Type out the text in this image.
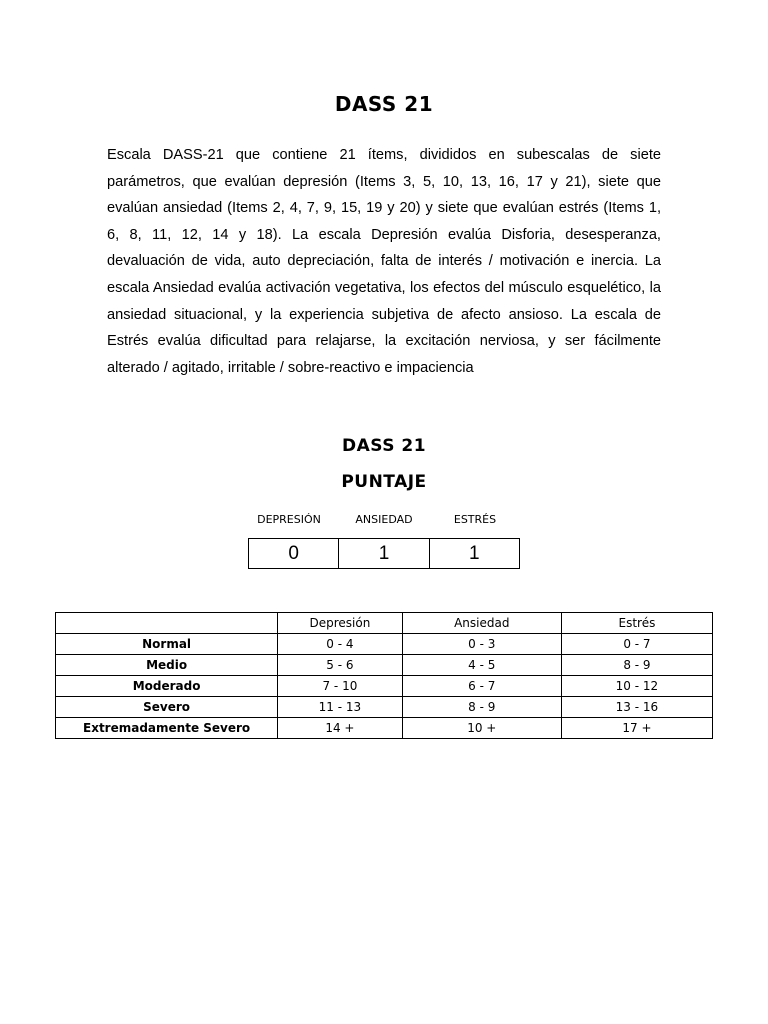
DASS 21

Escala DASS-21 que contiene 21 ítems, divididos en subescalas de siete parámetros, que evalúan depresión (Items 3, 5, 10, 13, 16, 17 y 21), siete que evalúan ansiedad (Items 2, 4, 7, 9, 15, 19 y 20) y siete que evalúan estrés (Items 1, 6, 8, 11, 12, 14 y 18). La escala Depresión evalúa Disforia, desesperanza, devaluación de vida, auto depreciación, falta de interés / motivación e inercia. La escala Ansiedad evalúa activación vegetativa, los efectos del músculo esquelético, la ansiedad situacional, y la experiencia subjetiva de afecto ansioso. La escala de Estrés evalúa dificultad para relajarse, la excitación nerviosa, y ser fácilmente alterado / agitado, irritable / sobre-reactivo e impaciencia

DASS 21
PUNTAJE
DEPRESIÓN	ANSIEDAD	ESTRÉS
0	1	1
	Depresión	Ansiedad	Estrés
Normal	0 - 4	0 - 3	0 - 7
Medio	5 - 6	4 - 5	8 - 9
Moderado	7 - 10	6 - 7	10 - 12
Severo	11 - 13	8 - 9	13 - 16
Extremadamente Severo	14 +	10 +	17 +
